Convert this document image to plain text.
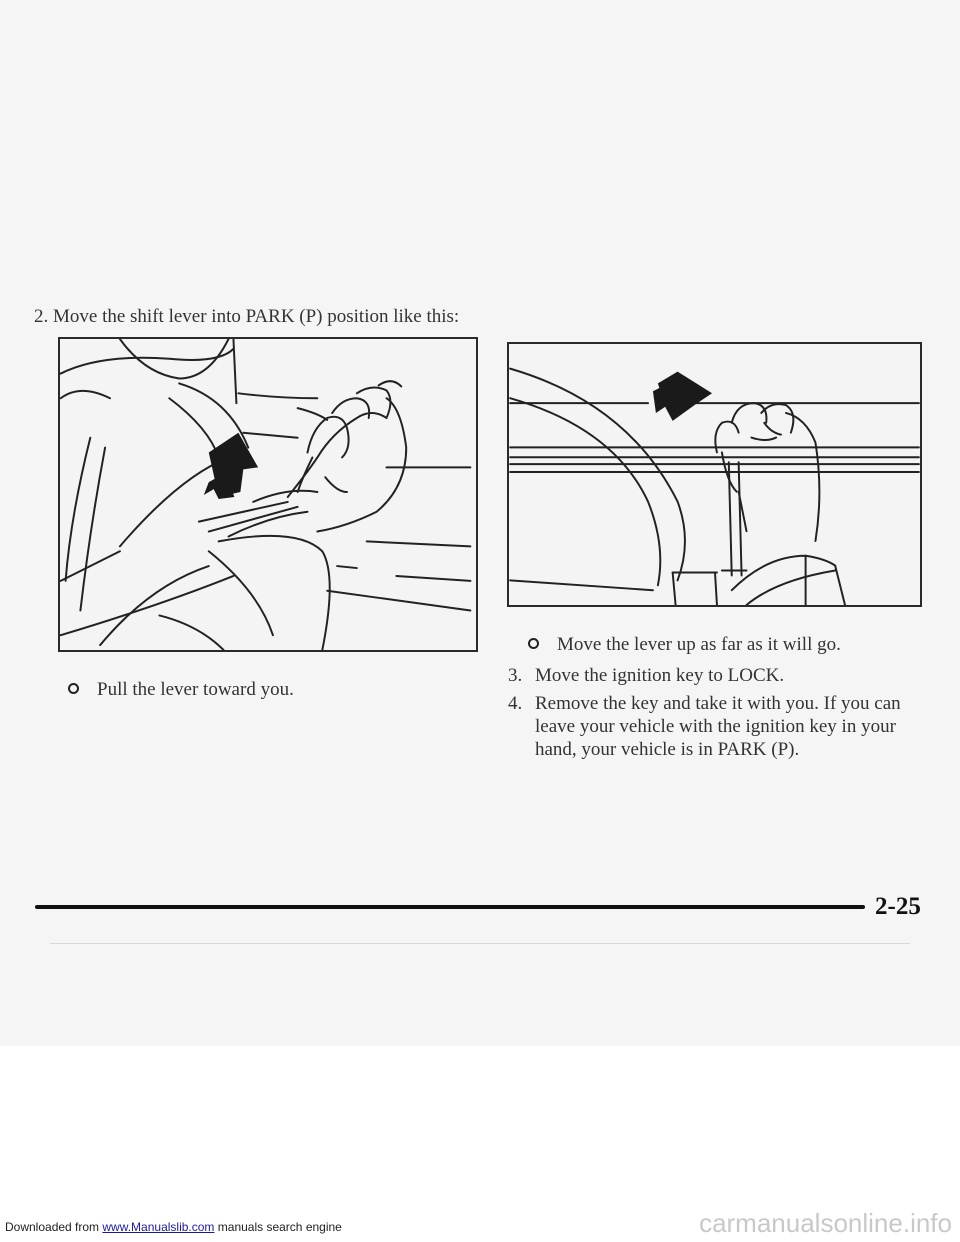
2. Move the shift lever into PARK (P) position like this:
Pull the lever toward you.
Move the lever up as far as it will go.
3. Move the ignition key to LOCK.
4. Remove the key and take it with you. If you can leave your vehicle with the ignition key in your hand, your vehicle is in PARK (P).
2-25
Downloaded from www.Manualslib.com manuals search engine	carmanualsonline.info
